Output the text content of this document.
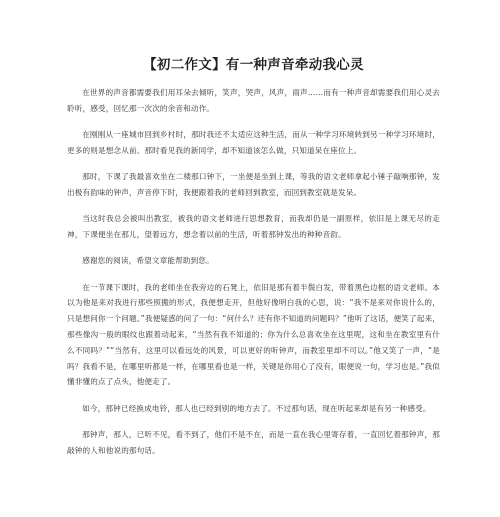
【初二作文】有一种声音牵动我心灵

在世界的声音都需要我们用耳朵去倾听，笑声，哭声，风声，雨声……而有一种声音却需要我们用心灵去聆听，感受，回忆那一次次的余音和动作。

在刚刚从一座城市回到乡村时，那时我还不太适应这种生活，而从一种学习环境转到另一种学习环境时，更多的则是想念从前。那时看见我的新同学，却不知道该怎么做，只知道呆在座位上。

那时，下课了我最喜欢坐在二楼那口钟下，一坐便是坐到上课，等我的语文老师拿起小锤子敲响那钟，发出极有韵味的钟声，声音停下时，我便跟着我的老师回到教室，而回到教室就是发呆。

当这时我总会被叫出教室，被我的语文老师进行思想教育，而我却仍是一副原样，依旧是上课无尽的走神，下课便坐在那儿，望着远方，想念着以前的生活，听着那钟发出的种种音韵。

感谢您的阅读，希望文章能帮助到您。

在一节课下课时，我的老师坐在我旁边的石凳上，依旧是那有着半鬓白发，带着黑色边框的语文老师。本以为他是来对我进行那些照搬的形式，我便想走开，但他好像明白我的心思，说：“我不是来对你说什么的，只是想问你一个问题。”我便疑惑的问了一句：“何什么？还有你不知道的问题吗？”他听了这话，便笑了起来，那些像沟一般的眼纹也跟着动起来，“当然有我不知道的；你为什么总喜欢坐在这里呢，这和坐在教室里有什么不同吗？”“当然有，这里可以看远处的风景，可以更好的听钟声，而教室里却不可以。”他又笑了一声，“是吗？我看不是，在哪里听都是一样，在哪里看也是一样，关键是你用心了没有，眼便说一句，学习也是。”我似懂非懂的点了点头，他便走了。

如今，那钟已经换成电铃，那人也已经到别的地方去了。不过那句话，现在听起来却是有另一种感受。

那钟声，那人，已听不见，看不到了，他们不是不在，而是一直在我心里寄存着，一直回忆着那钟声，那敲钟的人和他说的那句话。
